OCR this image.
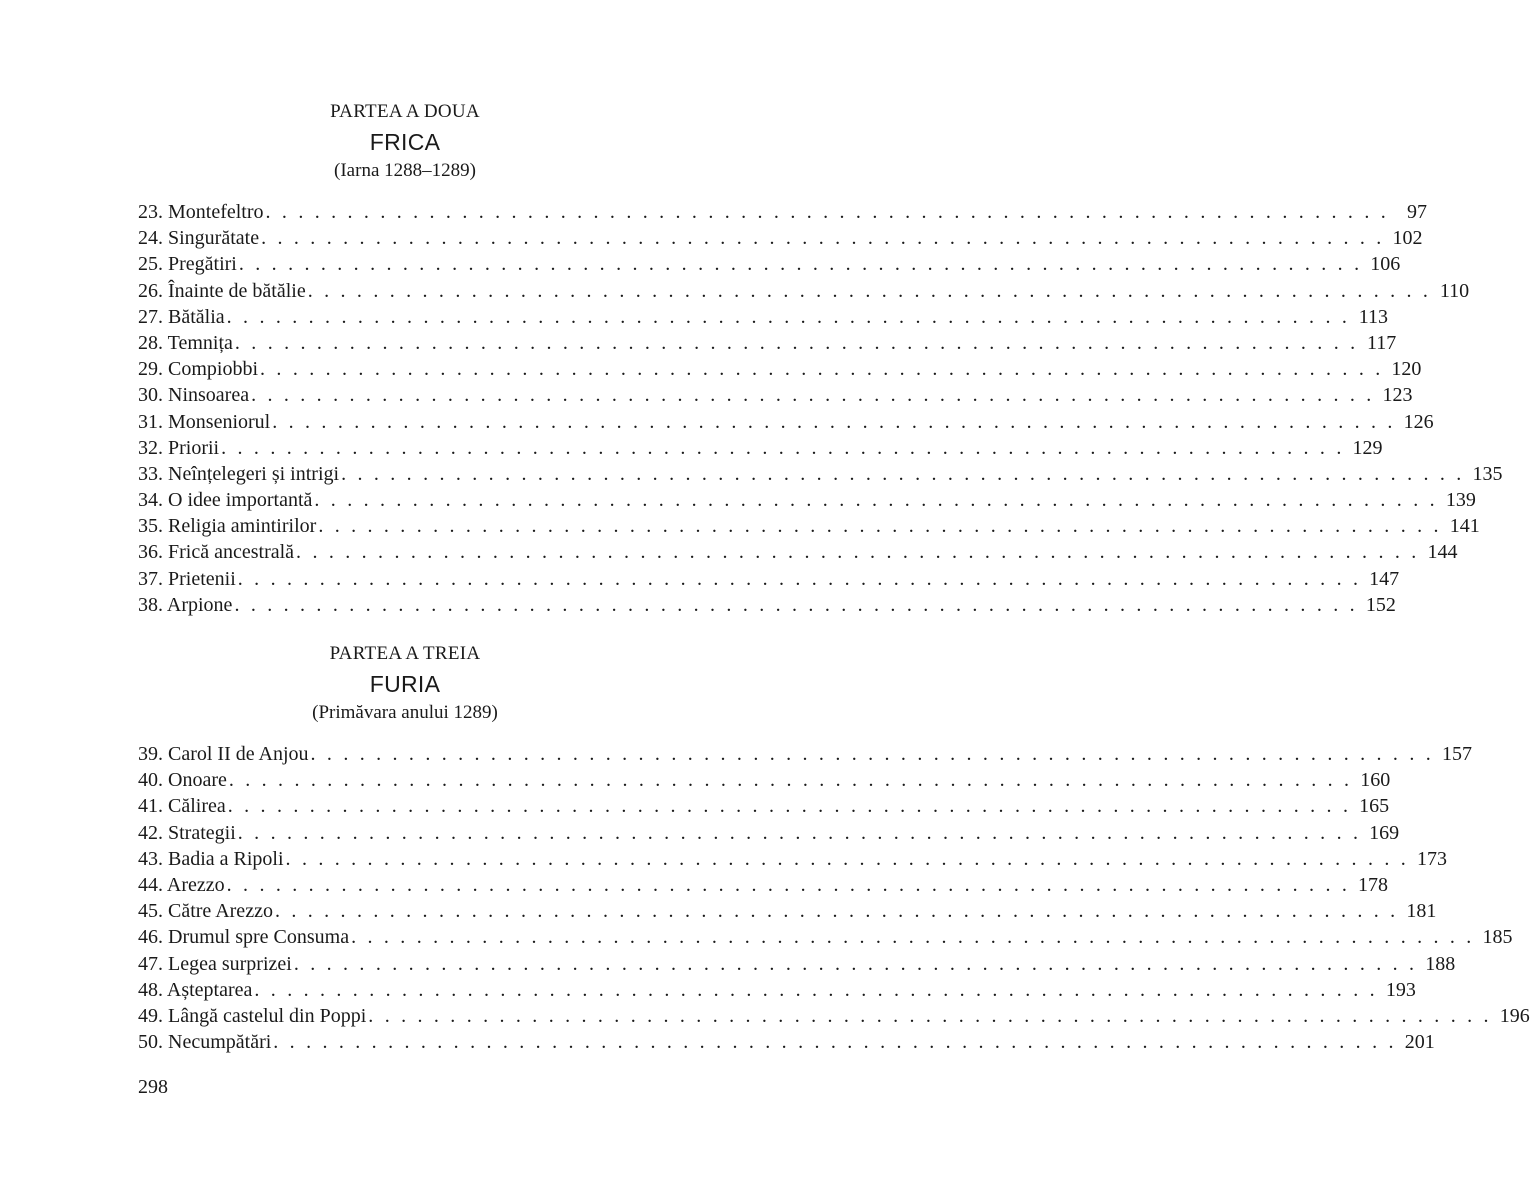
PARTEA A DOUA
FRICA
(Iarna 1288–1289)
23. Montefeltro . . . . . . . . . . . . . . . . . . . . . . . . . . . . . . . . . . . . . . . . . . . . . . . . . . . . . . . . . . . . . . . . . . . . . 97
24. Singurătate . . . . . . . . . . . . . . . . . . . . . . . . . . . . . . . . . . . . . . . . . . . . . . . . . . . . . . . . . . . . . . . . . . . . . 102
25. Pregătiri . . . . . . . . . . . . . . . . . . . . . . . . . . . . . . . . . . . . . . . . . . . . . . . . . . . . . . . . . . . . . . . . . . . . . 106
26. Înainte de bătălie . . . . . . . . . . . . . . . . . . . . . . . . . . . . . . . . . . . . . . . . . . . . . . . . . . . . . . . . . . . . . . . . . . . . . 110
27. Bătălia . . . . . . . . . . . . . . . . . . . . . . . . . . . . . . . . . . . . . . . . . . . . . . . . . . . . . . . . . . . . . . . . . . . . . 113
28. Temnița . . . . . . . . . . . . . . . . . . . . . . . . . . . . . . . . . . . . . . . . . . . . . . . . . . . . . . . . . . . . . . . . . . . . . 117
29. Compiobbi . . . . . . . . . . . . . . . . . . . . . . . . . . . . . . . . . . . . . . . . . . . . . . . . . . . . . . . . . . . . . . . . . . . . . 120
30. Ninsoarea . . . . . . . . . . . . . . . . . . . . . . . . . . . . . . . . . . . . . . . . . . . . . . . . . . . . . . . . . . . . . . . . . . . . . 123
31. Monseniorul . . . . . . . . . . . . . . . . . . . . . . . . . . . . . . . . . . . . . . . . . . . . . . . . . . . . . . . . . . . . . . . . . . . . . 126
32. Priorii . . . . . . . . . . . . . . . . . . . . . . . . . . . . . . . . . . . . . . . . . . . . . . . . . . . . . . . . . . . . . . . . . . . . . 129
33. Neînțelegeri și intrigi . . . . . . . . . . . . . . . . . . . . . . . . . . . . . . . . . . . . . . . . . . . . . . . . . . . . . . . . . . . . . . . . . . . . . 135
34. O idee importantă . . . . . . . . . . . . . . . . . . . . . . . . . . . . . . . . . . . . . . . . . . . . . . . . . . . . . . . . . . . . . . . . . . . . . 139
35. Religia amintirilor . . . . . . . . . . . . . . . . . . . . . . . . . . . . . . . . . . . . . . . . . . . . . . . . . . . . . . . . . . . . . . . . . . . . . 141
36. Frică ancestrală . . . . . . . . . . . . . . . . . . . . . . . . . . . . . . . . . . . . . . . . . . . . . . . . . . . . . . . . . . . . . . . . . . . . . 144
37. Prietenii . . . . . . . . . . . . . . . . . . . . . . . . . . . . . . . . . . . . . . . . . . . . . . . . . . . . . . . . . . . . . . . . . . . . . 147
38. Arpione . . . . . . . . . . . . . . . . . . . . . . . . . . . . . . . . . . . . . . . . . . . . . . . . . . . . . . . . . . . . . . . . . . . . . 152
PARTEA A TREIA
FURIA
(Primăvara anului 1289)
39. Carol II de Anjou . . . . . . . . . . . . . . . . . . . . . . . . . . . . . . . . . . . . . . . . . . . . . . . . . . . . . . . . . . . . . . . . . . . . . 157
40. Onoare . . . . . . . . . . . . . . . . . . . . . . . . . . . . . . . . . . . . . . . . . . . . . . . . . . . . . . . . . . . . . . . . . . . . . 160
41. Călirea . . . . . . . . . . . . . . . . . . . . . . . . . . . . . . . . . . . . . . . . . . . . . . . . . . . . . . . . . . . . . . . . . . . . . 165
42. Strategii . . . . . . . . . . . . . . . . . . . . . . . . . . . . . . . . . . . . . . . . . . . . . . . . . . . . . . . . . . . . . . . . . . . . . 169
43. Badia a Ripoli . . . . . . . . . . . . . . . . . . . . . . . . . . . . . . . . . . . . . . . . . . . . . . . . . . . . . . . . . . . . . . . . . . . . . 173
44. Arezzo . . . . . . . . . . . . . . . . . . . . . . . . . . . . . . . . . . . . . . . . . . . . . . . . . . . . . . . . . . . . . . . . . . . . . 178
45. Către Arezzo . . . . . . . . . . . . . . . . . . . . . . . . . . . . . . . . . . . . . . . . . . . . . . . . . . . . . . . . . . . . . . . . . . . . . 181
46. Drumul spre Consuma . . . . . . . . . . . . . . . . . . . . . . . . . . . . . . . . . . . . . . . . . . . . . . . . . . . . . . . . . . . . . . . . . . . . . 185
47. Legea surprizei . . . . . . . . . . . . . . . . . . . . . . . . . . . . . . . . . . . . . . . . . . . . . . . . . . . . . . . . . . . . . . . . . . . . . 188
48. Așteptarea . . . . . . . . . . . . . . . . . . . . . . . . . . . . . . . . . . . . . . . . . . . . . . . . . . . . . . . . . . . . . . . . . . . . . 193
49. Lângă castelul din Poppi . . . . . . . . . . . . . . . . . . . . . . . . . . . . . . . . . . . . . . . . . . . . . . . . . . . . . . . . . . . . . . . . . . . . . 196
50. Necumpătări . . . . . . . . . . . . . . . . . . . . . . . . . . . . . . . . . . . . . . . . . . . . . . . . . . . . . . . . . . . . . . . . . . . . . 201
298
